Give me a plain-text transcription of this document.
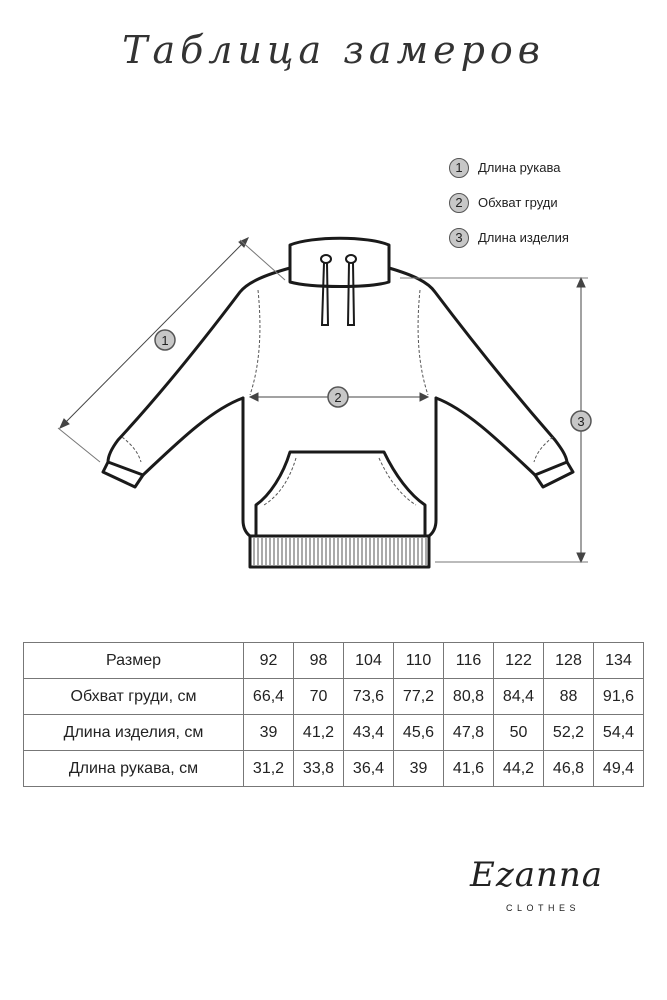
Таблица замеров
1	Длина рукава
2	Обхват груди
3	Длина изделия
1
2
3
Размер	92	98	104	110	116	122	128	134
Обхват груди, см	66,4	70	73,6	77,2	80,8	84,4	88	91,6
Длина изделия, см	39	41,2	43,4	45,6	47,8	50	52,2	54,4
Длина рукава, см	31,2	33,8	36,4	39	41,6	44,2	46,8	49,4
Ezanna
CLOTHES
